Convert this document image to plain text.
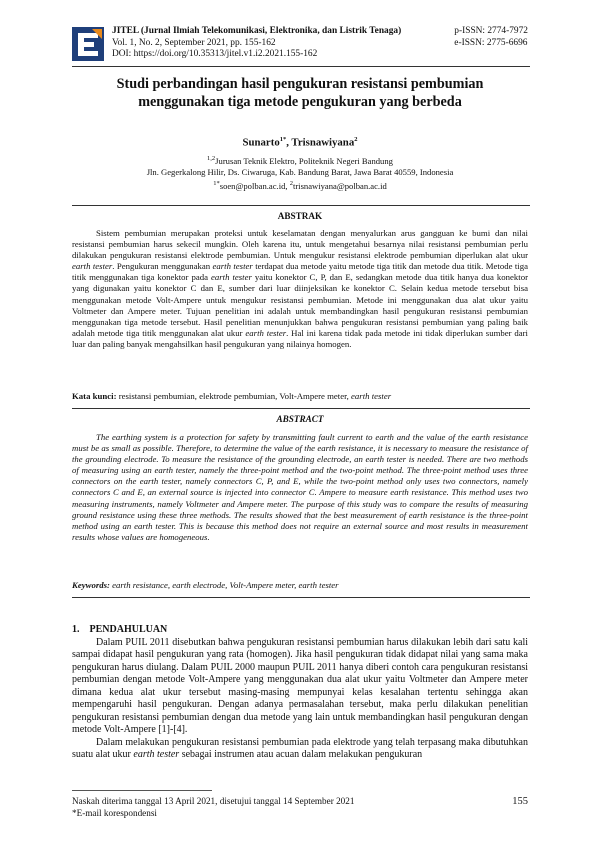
JITEL (Jurnal Ilmiah Telekomunikasi, Elektronika, dan Listrik Tenaga)
Vol. 1, No. 2, September 2021, pp. 155-162
DOI: https://doi.org/10.35313/jitel.v1.i2.2021.155-162
p-ISSN: 2774-7972
e-ISSN: 2775-6696
Studi perbandingan hasil pengukuran resistansi pembumian
menggunakan tiga metode pengukuran yang berbeda
Sunarto$^{1*}$, Trisnawiyana$^2$
$^{1,2}$Jurusan Teknik Elektro, Politeknik Negeri Bandung
Jln. Gegerkalong Hilir, Ds. Ciwaruga, Kab. Bandung Barat, Jawa Barat 40559, Indonesia
$^{1*}$soen@polban.ac.id, $^2$trisnawiyana@polban.ac.id
ABSTRAK

Sistem pembumian merupakan proteksi untuk keselamatan dengan menyalurkan arus gangguan ke bumi dan nilai resistansi pembumian harus sekecil mungkin. Oleh karena itu, untuk mengetahui besarnya nilai resistansi pembumian perlu dilakukan pengukuran resistansi elektrode pembumian. Untuk mengukur resistansi elektrode pembumian diperlukan alat ukur earth tester. Pengukuran menggunakan earth tester terdapat dua metode yaitu metode tiga titik dan metode dua titik. Metode tiga titik menggunakan tiga konektor pada earth tester yaitu konektor C, P, dan E, sedangkan metode dua titik hanya dua konektor yang digunakan yaitu konektor C dan E, sumber dari luar diinjeksikan ke konektor C. Selain kedua metode tersebut bisa menggunakan metode Volt-Ampere untuk mengukur resistansi pembumian. Metode ini menggunakan dua alat ukur yaitu Voltmeter dan Ampere meter. Tujuan penelitian ini adalah untuk membandingkan hasil pengukuran resistansi pembumian menggunakan tiga metode tersebut. Hasil penelitian menunjukkan bahwa pengukuran resistansi pembumian yang paling baik adalah metode tiga titik menggunakan alat ukur earth tester. Hal ini karena tidak pada metode ini tidak diperlukan sumber dari luar dan paling banyak mengahsilkan hasil pengukuran yang nilainya homogen.

Kata kunci: resistansi pembumian, elektrode pembumian, Volt-Ampere meter, earth tester
ABSTRACT

The earthing system is a protection for safety by transmitting fault current to earth and the value of the earth resistance must be as small as possible. Therefore, to determine the value of the earth resistance, it is necessary to measure the resistance of the grounding electrode. To measure the resistance of the grounding electrode, an earth tester is needed. There are two methods of measuring using an earth tester, namely the three-point method and the two-point method. The three-point method uses three connectors on the earth tester, namely connectors C, P, and E, while the two-point method only uses two connectors, namely connectors C and E, an external source is injected into connector C. Ampere to measure earth resistance. This method uses two measuring instruments, namely Voltmeter and Ampere meter. The purpose of this study was to compare the results of measuring ground resistance using these three methods. The results showed that the best measurement of earth resistance is the three-point method using an earth tester. This is because this method does not require an external source and most results in measurement results whose values are homogeneous.

Keywords: earth resistance, earth electrode, Volt-Ampere meter, earth tester
1. PENDAHULUAN

Dalam PUIL 2011 disebutkan bahwa pengukuran resistansi pembumian harus dilakukan lebih dari satu kali sampai didapat hasil pengukuran yang rata (homogen). Jika hasil pengukuran tidak didapat nilai yang sama maka pengukuran harus diulang. Dalam PUIL 2000 maupun PUIL 2011 hanya diberi contoh cara pengukuran resistansi pembumian dengan metode Volt-Ampere yang menggunakan dua alat ukur yaitu Voltmeter dan Ampere meter dimana kedua alat ukur tersebut masing-masing mempunyai kelas kesalahan tertentu sehingga akan mempengaruhi hasil pengukuran. Dengan adanya permasalahan tersebut, maka perlu dilakukan penelitian pengukuran resistansi pembumian dengan dua metode yang lain untuk membandingkan hasil pengukuran dengan metode Volt-Ampere [1]-[4].

Dalam melakukan pengukuran resistansi pembumian pada elektrode yang telah terpasang maka dibutuhkan suatu alat ukur earth tester sebagai instrumen atau acuan dalam melakukan pengukuran

Naskah diterima tanggal 13 April 2021, disetujui tanggal 14 September 2021
*E-mail korespondensi
155
